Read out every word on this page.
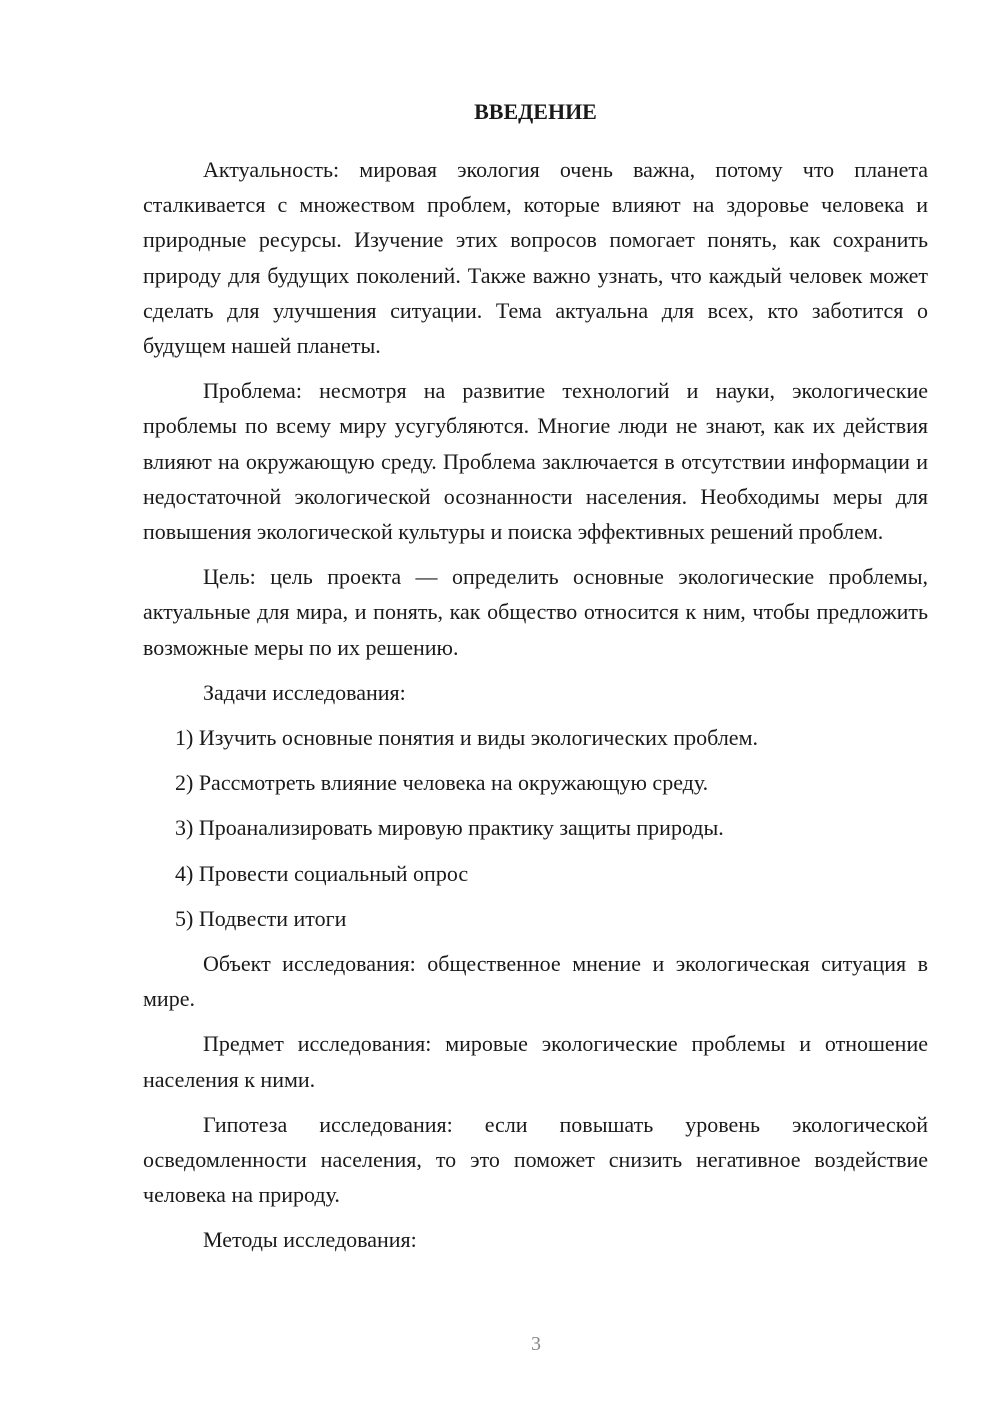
ВВЕДЕНИЕ

Актуальность: мировая экология очень важна, потому что планета сталкивается с множеством проблем, которые влияют на здоровье человека и природные ресурсы. Изучение этих вопросов помогает понять, как сохранить природу для будущих поколений. Также важно узнать, что каждый человек может сделать для улучшения ситуации. Тема актуальна для всех, кто заботится о будущем нашей планеты.

Проблема: несмотря на развитие технологий и науки, экологические проблемы по всему миру усугубляются. Многие люди не знают, как их действия влияют на окружающую среду. Проблема заключается в отсутствии информации и недостаточной экологической осознанности населения. Необходимы меры для повышения экологической культуры и поиска эффективных решений проблем.

Цель: цель проекта — определить основные экологические проблемы, актуальные для мира, и понять, как общество относится к ним, чтобы предложить возможные меры по их решению.

Задачи исследования:

1) Изучить основные понятия и виды экологических проблем.

2) Рассмотреть влияние человека на окружающую среду.

3) Проанализировать мировую практику защиты природы.

4) Провести социальный опрос

5) Подвести итоги

Объект исследования: общественное мнение и экологическая ситуация в мире.

Предмет исследования: мировые экологические проблемы и отношение населения к ними.

Гипотеза исследования: если повышать уровень экологической осведомленности населения, то это поможет снизить негативное воздействие человека на природу.

Методы исследования:

3
